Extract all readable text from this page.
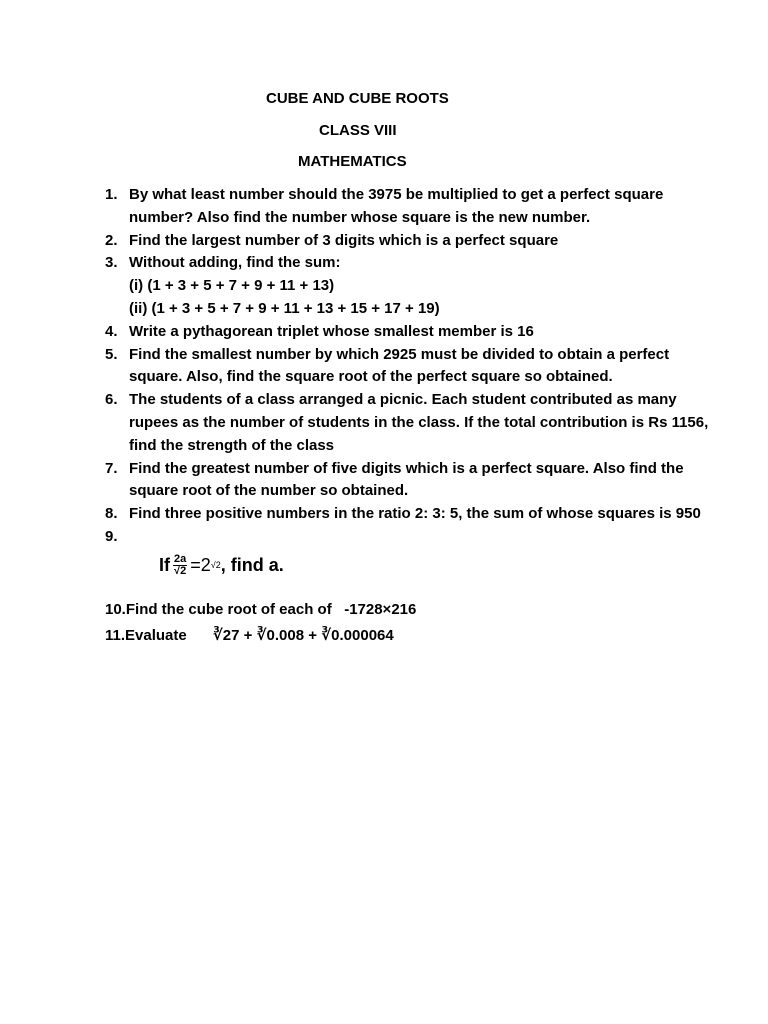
CUBE AND CUBE ROOTS
CLASS VIII
MATHEMATICS
1. By what least number should the 3975 be multiplied to get a perfect square number? Also find the number whose square is the new number.
2. Find the largest number of 3 digits which is a perfect square
3. Without adding, find the sum:
(i) (1 + 3 + 5 + 7 + 9 + 11 + 13)
(ii) (1 + 3 + 5 + 7 + 9 + 11 + 13 + 15 + 17 + 19)
4. Write a pythagorean triplet whose smallest member is 16
5. Find the smallest number by which 2925 must be divided to obtain a perfect square. Also, find the square root of the perfect square so obtained.
6. The students of a class arranged a picnic. Each student contributed as many rupees as the number of students in the class. If the total contribution is Rs 1156, find the strength of the class
7. Find the greatest number of five digits which is a perfect square. Also find the square root of the number so obtained.
8. Find three positive numbers in the ratio 2: 3: 5, the sum of whose squares is 950
9.
If $\frac{2a}{√2} =2$ √2 , find a.
10. Find the cube root of each of   -1728×216
11. Evaluate ∛27 + ∛0.008 + ∛0.000064
